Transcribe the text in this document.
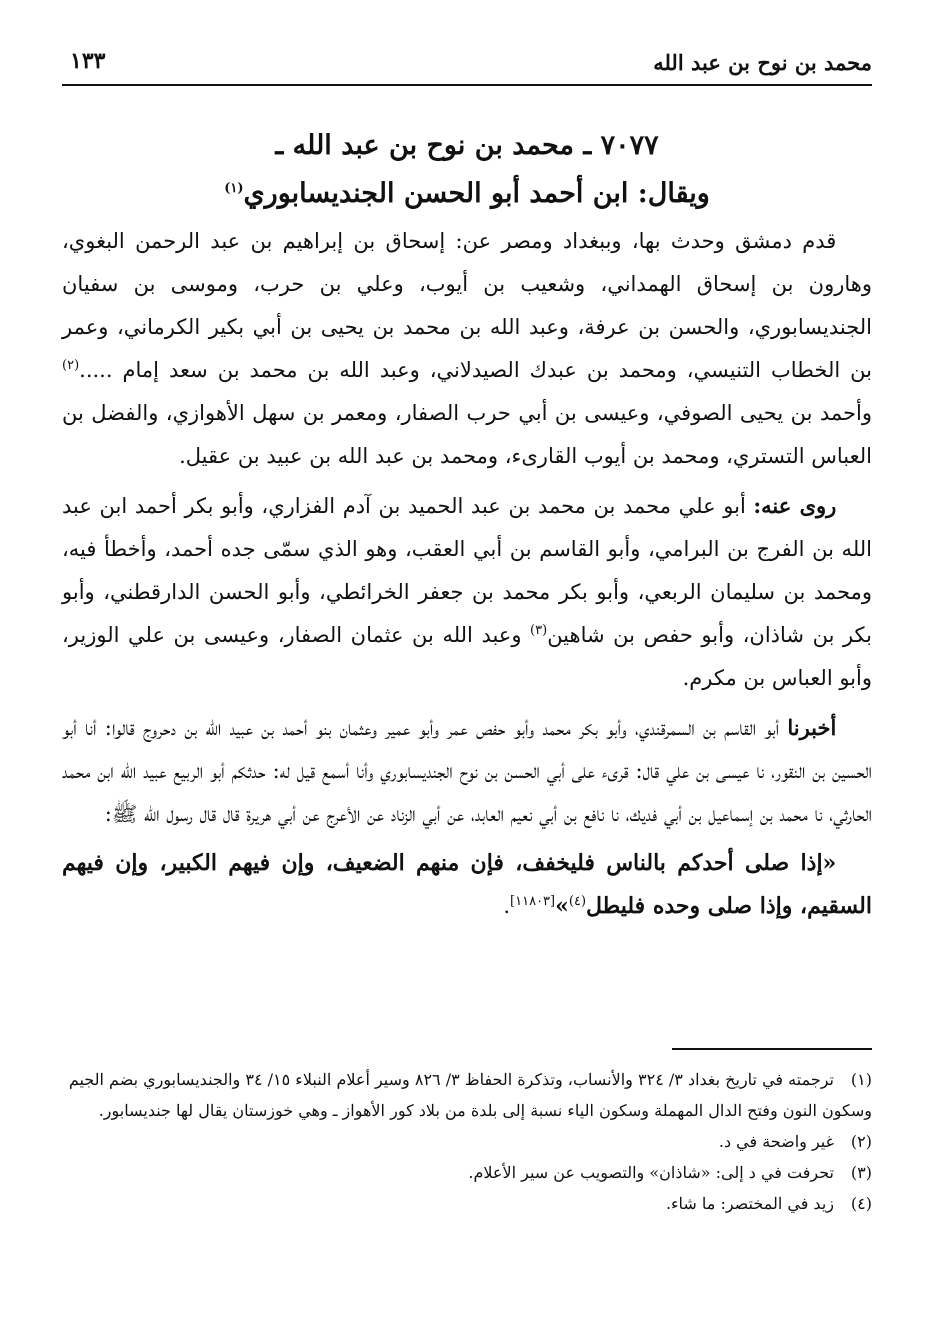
محمد بن نوح بن عبد الله
١٣٣

٧٠٧٧ ـ محمد بن نوح بن عبد الله ـ

ويقال: ابن أحمد أبو الحسن الجنديسابوري$^{(١)}$

قدم دمشق وحدث بها، وببغداد ومصر عن: إسحاق بن إبراهيم بن عبد الرحمن البغوي، وهارون بن إسحاق الهمداني، وشعيب بن أيوب، وعلي بن حرب، وموسى بن سفيان الجنديسابوري، والحسن بن عرفة، وعبد الله بن محمد بن يحيى بن أبي بكير الكرماني، وعمر بن الخطاب التنيسي، ومحمد بن عبدك الصيدلاني، وعبد الله بن محمد بن سعد إمام .....$^{(٢)}$ وأحمد بن يحيى الصوفي، وعيسى بن أبي حرب الصفار، ومعمر بن سهل الأهوازي، والفضل بن العباس التستري، ومحمد بن أيوب القارىء، ومحمد بن عبد الله بن عبيد بن عقيل.

روى عنه: أبو علي محمد بن محمد بن عبد الحميد بن آدم الفزاري، وأبو بكر أحمد ابن عبد الله بن الفرج بن البرامي، وأبو القاسم بن أبي العقب، وهو الذي سمّى جده أحمد، وأخطأ فيه، ومحمد بن سليمان الربعي، وأبو بكر محمد بن جعفر الخرائطي، وأبو الحسن الدارقطني، وأبو بكر بن شاذان، وأبو حفص بن شاهين$^{(٣)}$ وعبد الله بن عثمان الصفار، وعيسى بن علي الوزير، وأبو العباس بن مكرم.

أخبرنا أبو القاسم بن السمرقندي، وأبو بكر محمد وأبو حفص عمر وأبو عمير وعثمان بنو أحمد بن عبيد الله بن دحروج قالوا: أنا أبو الحسين بن النقور، نا عيسى بن علي قال: قرىء على أبي الحسن بن نوح الجنديسابوري وأنا أسمع قيل له: حدثكم أبو الربيع عبيد الله ابن محمد الحارثي، نا محمد بن إسماعيل بن أبي فديك، نا نافع بن أبي نعيم العابد، عن أبي الزناد عن الأعرج عن أبي هريرة قال قال رسول الله ﷺ:

«إذا صلى أحدكم بالناس فليخفف، فإن منهم الضعيف، وإن فيهم الكبير، وإن فيهم السقيم، وإذا صلى وحده فليطل$^{(٤)}$»[١١٨٠٣].

(١)ترجمته في تاريخ بغداد ٣/ ٣٢٤ والأنساب، وتذكرة الحفاظ ٣/ ٨٢٦ وسير أعلام النبلاء ١٥/ ٣٤ والجنديسابوري بضم الجيم وسكون النون وفتح الدال المهملة وسكون الياء نسبة إلى بلدة من بلاد كور الأهواز ـ وهي خوزستان يقال لها جنديسابور.

(٢)غير واضحة في د.

(٣)تحرفت في د إلى: «شاذان» والتصويب عن سير الأعلام.

(٤)زيد في المختصر: ما شاء.
